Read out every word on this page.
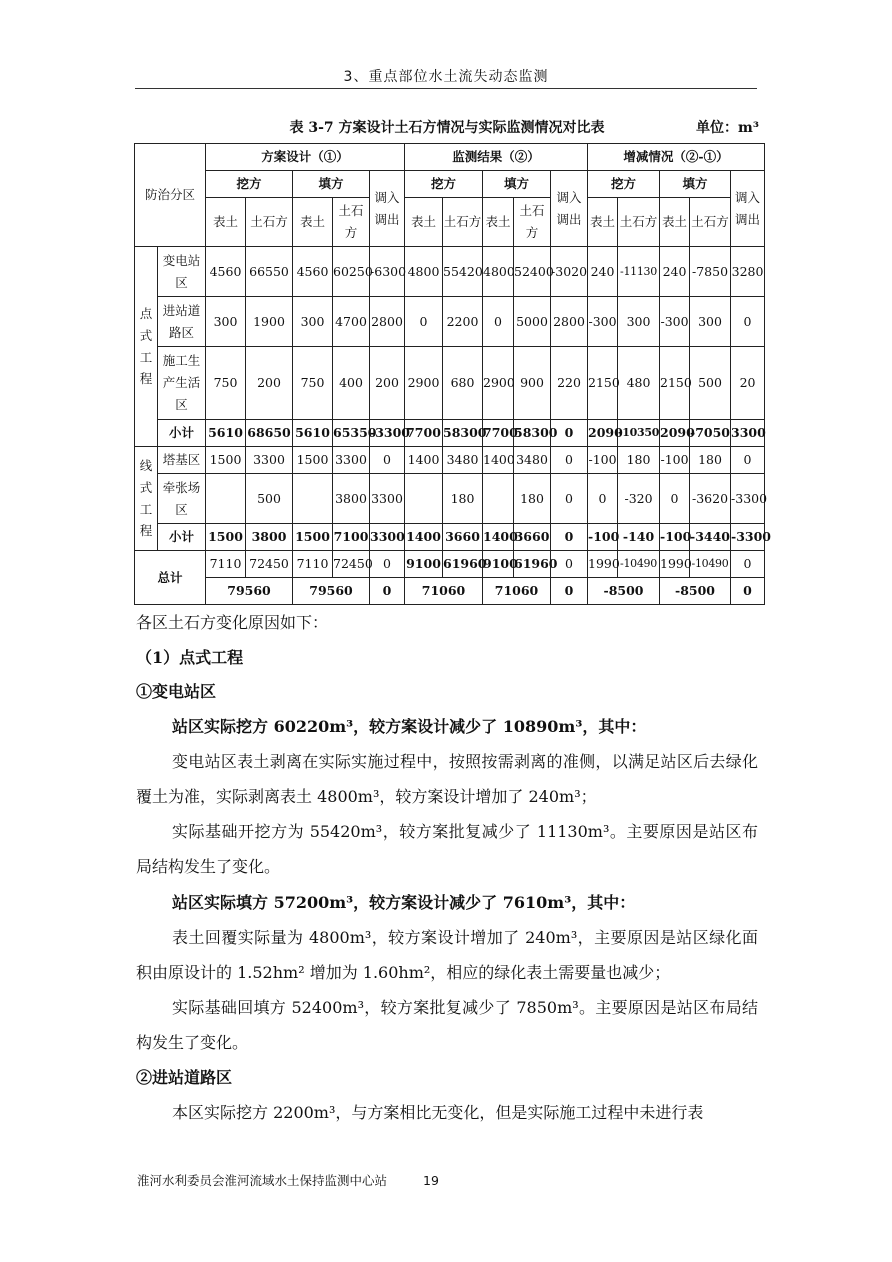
3、重点部位水土流失动态监测
表 3-7 方案设计土石方情况与实际监测情况对比表	单位：m³
防治分区		方案设计（①）					监测结果（②）					增减情况（②-①）				
		挖方		填方		调入调出	挖方		填方		调入调出	挖方		填方		调入调出
		表土	土石方	表土	土石方		表土	土石方	表土	土石方		表土	土石方	表土	土石方	
点式工程	变电站区	4560	66550	4560	60250	-6300	4800	55420	4800	52400	-3020	240	-11130	240	-7850	3280
	进站道路区	300	1900	300	4700	2800	0	2200	0	5000	2800	-300	300	-300	300	0
	施工生产生活区	750	200	750	400	200	2900	680	2900	900	220	2150	480	2150	500	20
	小计	5610	68650	5610	65350	-3300	7700	58300	7700	58300	0	2090	-10350	2090	-7050	3300
线式工程	塔基区	1500	3300	1500	3300	0	1400	3480	1400	3480	0	-100	180	-100	180	0
	牵张场区		500		3800	3300		180		180	0	0	-320	0	-3620	-3300
	小计	1500	3800	1500	7100	3300	1400	3660	1400	3660	0	-100	-140	-100	-3440	-3300
总计		7110	72450	7110	72450	0	9100	61960	9100	61960	0	1990	-10490	1990	-10490	0
		79560		79560		0	71060		71060		0	-8500		-8500		0
各区土石方变化原因如下：
（1）点式工程
①变电站区
站区实际挖方 60220m³，较方案设计减少了 10890m³，其中：
变电站区表土剥离在实际实施过程中，按照按需剥离的准侧，以满足站区后去绿化覆土为准，实际剥离表土 4800m³，较方案设计增加了 240m³；
实际基础开挖方为 55420m³，较方案批复减少了 11130m³。主要原因是站区布局结构发生了变化。
站区实际填方 57200m³，较方案设计减少了 7610m³，其中：
表土回覆实际量为 4800m³，较方案设计增加了 240m³，主要原因是站区绿化面积由原设计的 1.52hm² 增加为 1.60hm²，相应的绿化表土需要量也减少；
实际基础回填方 52400m³，较方案批复减少了 7850m³。主要原因是站区布局结构发生了变化。
②进站道路区
本区实际挖方 2200m³，与方案相比无变化，但是实际施工过程中未进行表
淮河水利委员会淮河流域水土保持监测中心站	19
